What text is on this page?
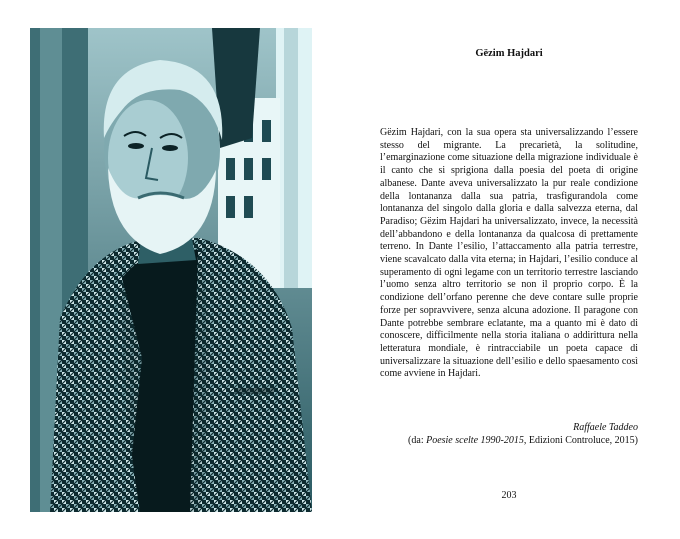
Gëzim Hajdari

Gëzim Hajdari, con la sua opera sta universalizzando l’essere stesso del migrante. La precarietà, la solitudine, l’emarginazione come situazione della migrazione individuale è il canto che si sprigiona dalla poesia del poeta di origine albanese. Dante aveva universalizzato la pur reale condizione della lontananza dalla sua patria, trasfigurandola come lontananza del singolo dalla gloria e dalla salvezza eterna, dal Paradiso; Gëzim Hajdari ha universalizzato, invece, la necessità dell’abbandono e della lontananza da qualcosa di prettamente terreno. In Dante l’esilio, l’attaccamento alla patria terrestre, viene scavalcato dalla vita eterna; in Hajdari, l’esilio conduce al superamento di ogni legame con un territorio terrestre lasciando l’uomo senza altro territorio se non il proprio corpo. È la condizione dell’orfano perenne che deve contare sulle proprie forze per sopravvivere, senza alcuna adozione. Il paragone con Dante potrebbe sembrare eclatante, ma a quanto mi è dato di conoscere, difficilmente nella storia italiana o addirittura nella letteratura mondiale, è rintracciabile un poeta capace di universalizzare la situazione dell’esilio e dello spaesamento così come avviene in Hajdari.

Raffaele Taddeo
(da: Poesie scelte 1990-2015, Edizioni Controluce, 2015)
203
